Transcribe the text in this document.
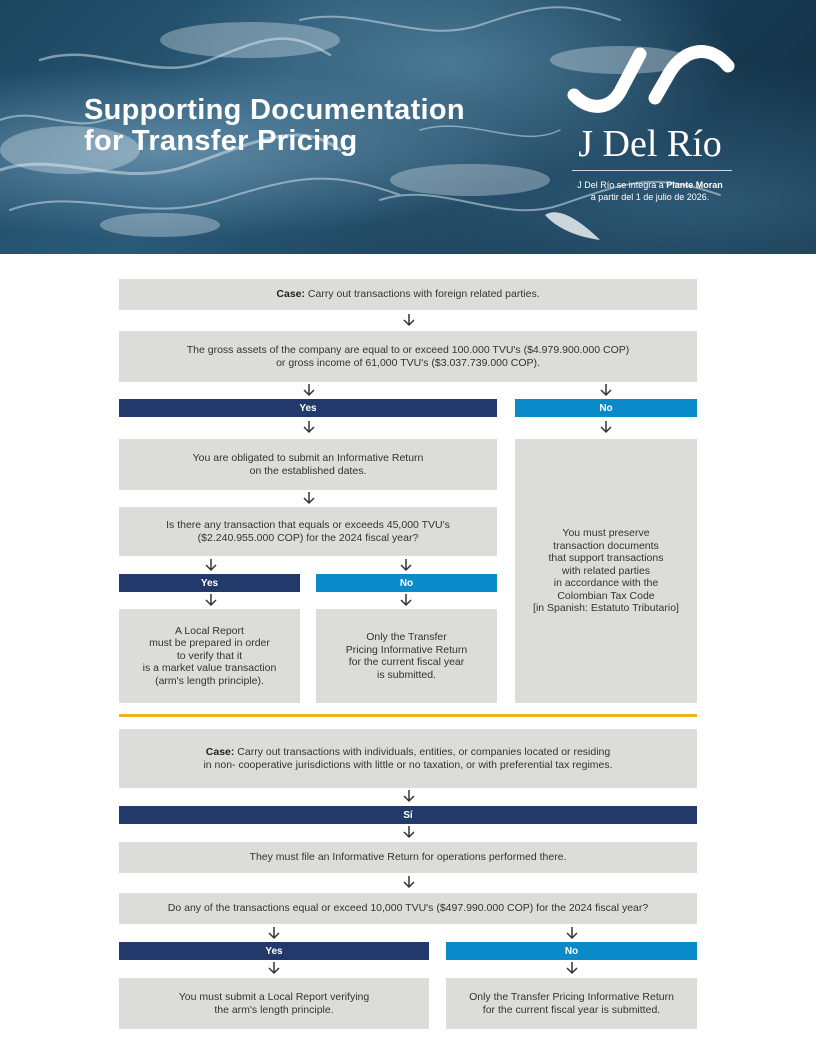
Supporting Documentation
for Transfer Pricing	J Del Río
J Del Río se integra a Plante Moran
a partir del 1 de julio de 2026.
Case: Carry out transactions with foreign related parties.
The gross assets of the company are equal to or exceed 100.000 TVU's ($4.979.900.000 COP)
or gross income of 61,000 TVU's ($3.037.739.000 COP).
Yes	No
You are obligated to submit an Informative Return
on the established dates.
You must preserve
transaction documents
that support transactions
with related parties
in accordance with the
Colombian Tax Code
[in Spanish: Estatuto Tributario]
Is there any transaction that equals or exceeds 45,000 TVU's
($2.240.955.000 COP) for the 2024 fiscal year?
Yes	No
A Local Report
must be prepared in order
to verify that it
is a market value transaction
(arm's length principle).
Only the Transfer
Pricing Informative Return
for the current fiscal year
is submitted.
Case: Carry out transactions with individuals, entities, or companies located or residing
in non- cooperative jurisdictions with little or no taxation, or with preferential tax regimes.
Sí
They must file an Informative Return for operations performed there.
Do any of the transactions equal or exceed 10,000 TVU's ($497.990.000 COP) for the 2024 fiscal year?
Yes	No
You must submit a Local Report verifying
the arm's length principle.
Only the Transfer Pricing Informative Return
for the current fiscal year is submitted.
